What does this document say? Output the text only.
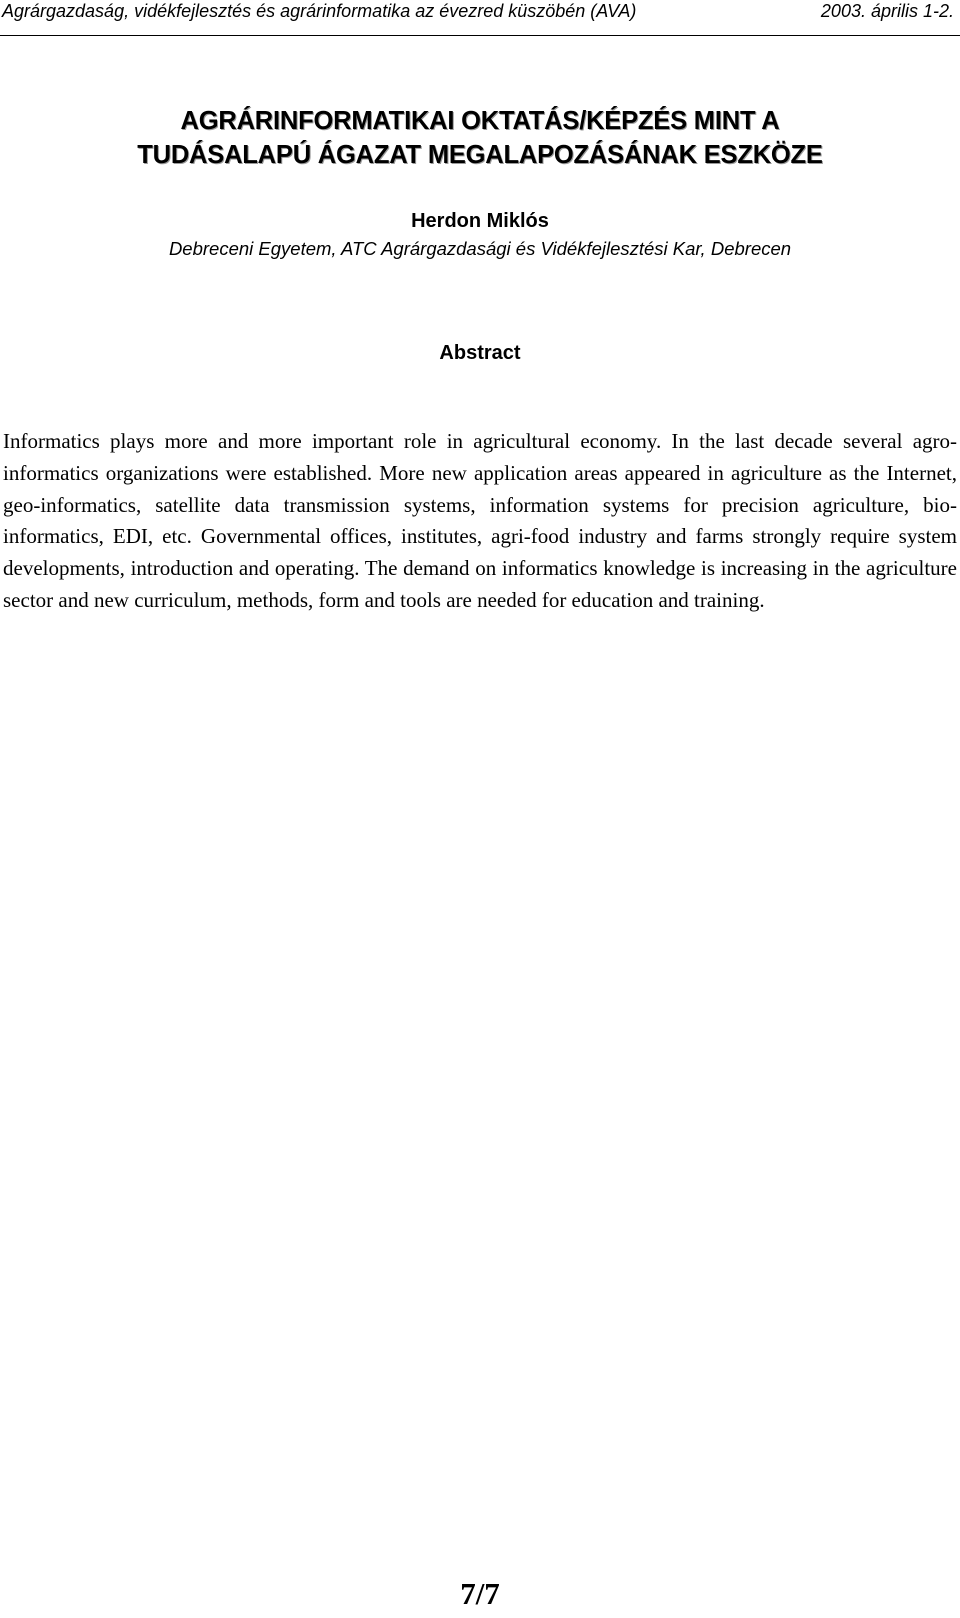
Agrárgazdaság, vidékfejlesztés és agrárinformatika az évezred küszöbén (AVA)	2003. április 1-2.
AGRÁRINFORMATIKAI OKTATÁS/KÉPZÉS MINT A
TUDÁSALAPÚ ÁGAZAT MEGALAPOZÁSÁNAK ESZKÖZE
Herdon Miklós
Debreceni Egyetem, ATC Agrárgazdasági és Vidékfejlesztési Kar, Debrecen
Abstract
Informatics plays more and more important role in agricultural economy. In the last decade several agro-informatics organizations were established. More new application areas appeared in agriculture as the Internet, geo-informatics, satellite data transmission systems, information systems for precision agriculture, bio-informatics, EDI, etc. Governmental offices, institutes, agri-food industry and farms strongly require system developments, introduction and operating. The demand on informatics knowledge is increasing in the agriculture sector and new curriculum, methods, form and tools are needed for education and training.
7/7
